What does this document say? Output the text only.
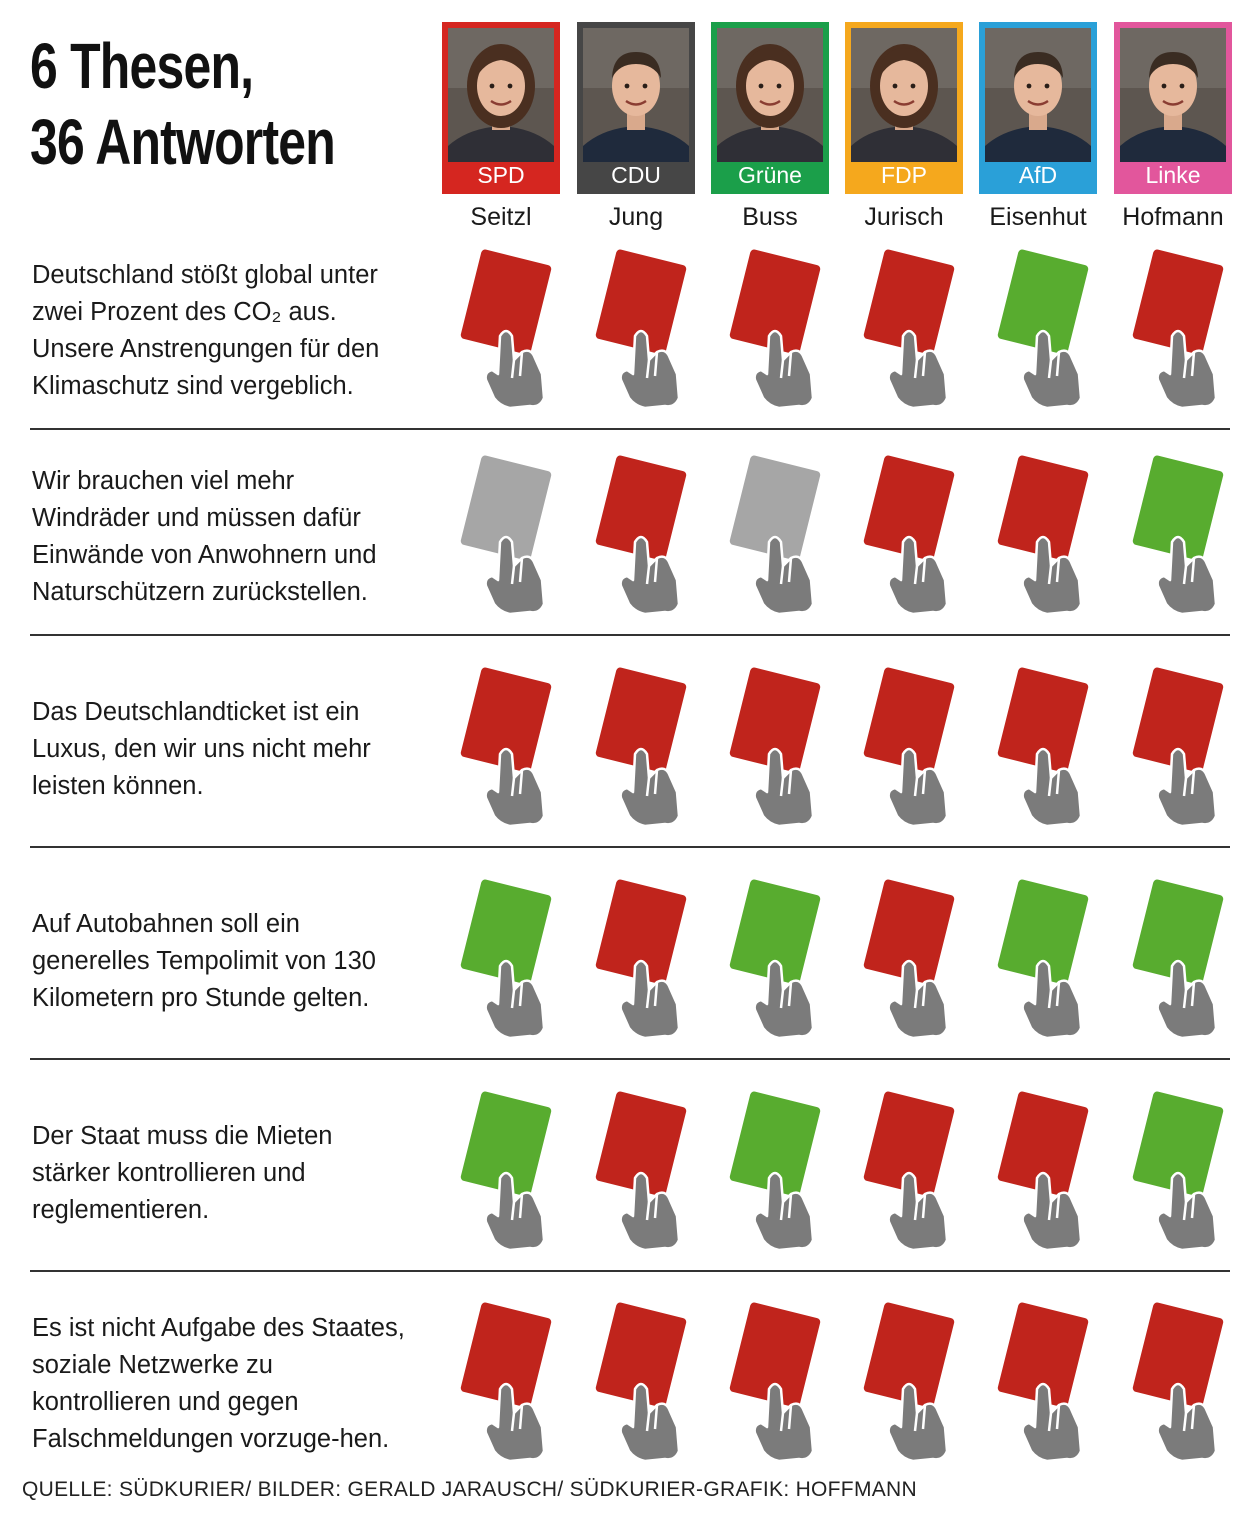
6 Thesen,
36 Antworten	SPD
Seitzl
CDU
Jung
Grüne
Buss
FDP
Jurisch
AfD
Eisenhut
Linke
Hofmann

Deutschland stößt global unter zwei Prozent des CO₂ aus. Unsere Anstrengungen für den Klimaschutz sind vergeblich.

Wir brauchen viel mehr Windräder und müssen dafür Einwände von Anwohnern und Naturschützern zurückstellen.

Das Deutschlandticket ist ein Luxus, den wir uns nicht mehr leisten können.

Auf Autobahnen soll ein generelles Tempolimit von 130 Kilometern pro Stunde gelten.

Der Staat muss die Mieten stärker kontrollieren und reglementieren.

Es ist nicht Aufgabe des Staates, soziale Netzwerke zu kontrollieren und gegen Falschmeldungen vorzuge-hen.

QUELLE: SÜDKURIER/ BILDER: GERALD JARAUSCH/ SÜDKURIER-GRAFIK: HOFFMANN
